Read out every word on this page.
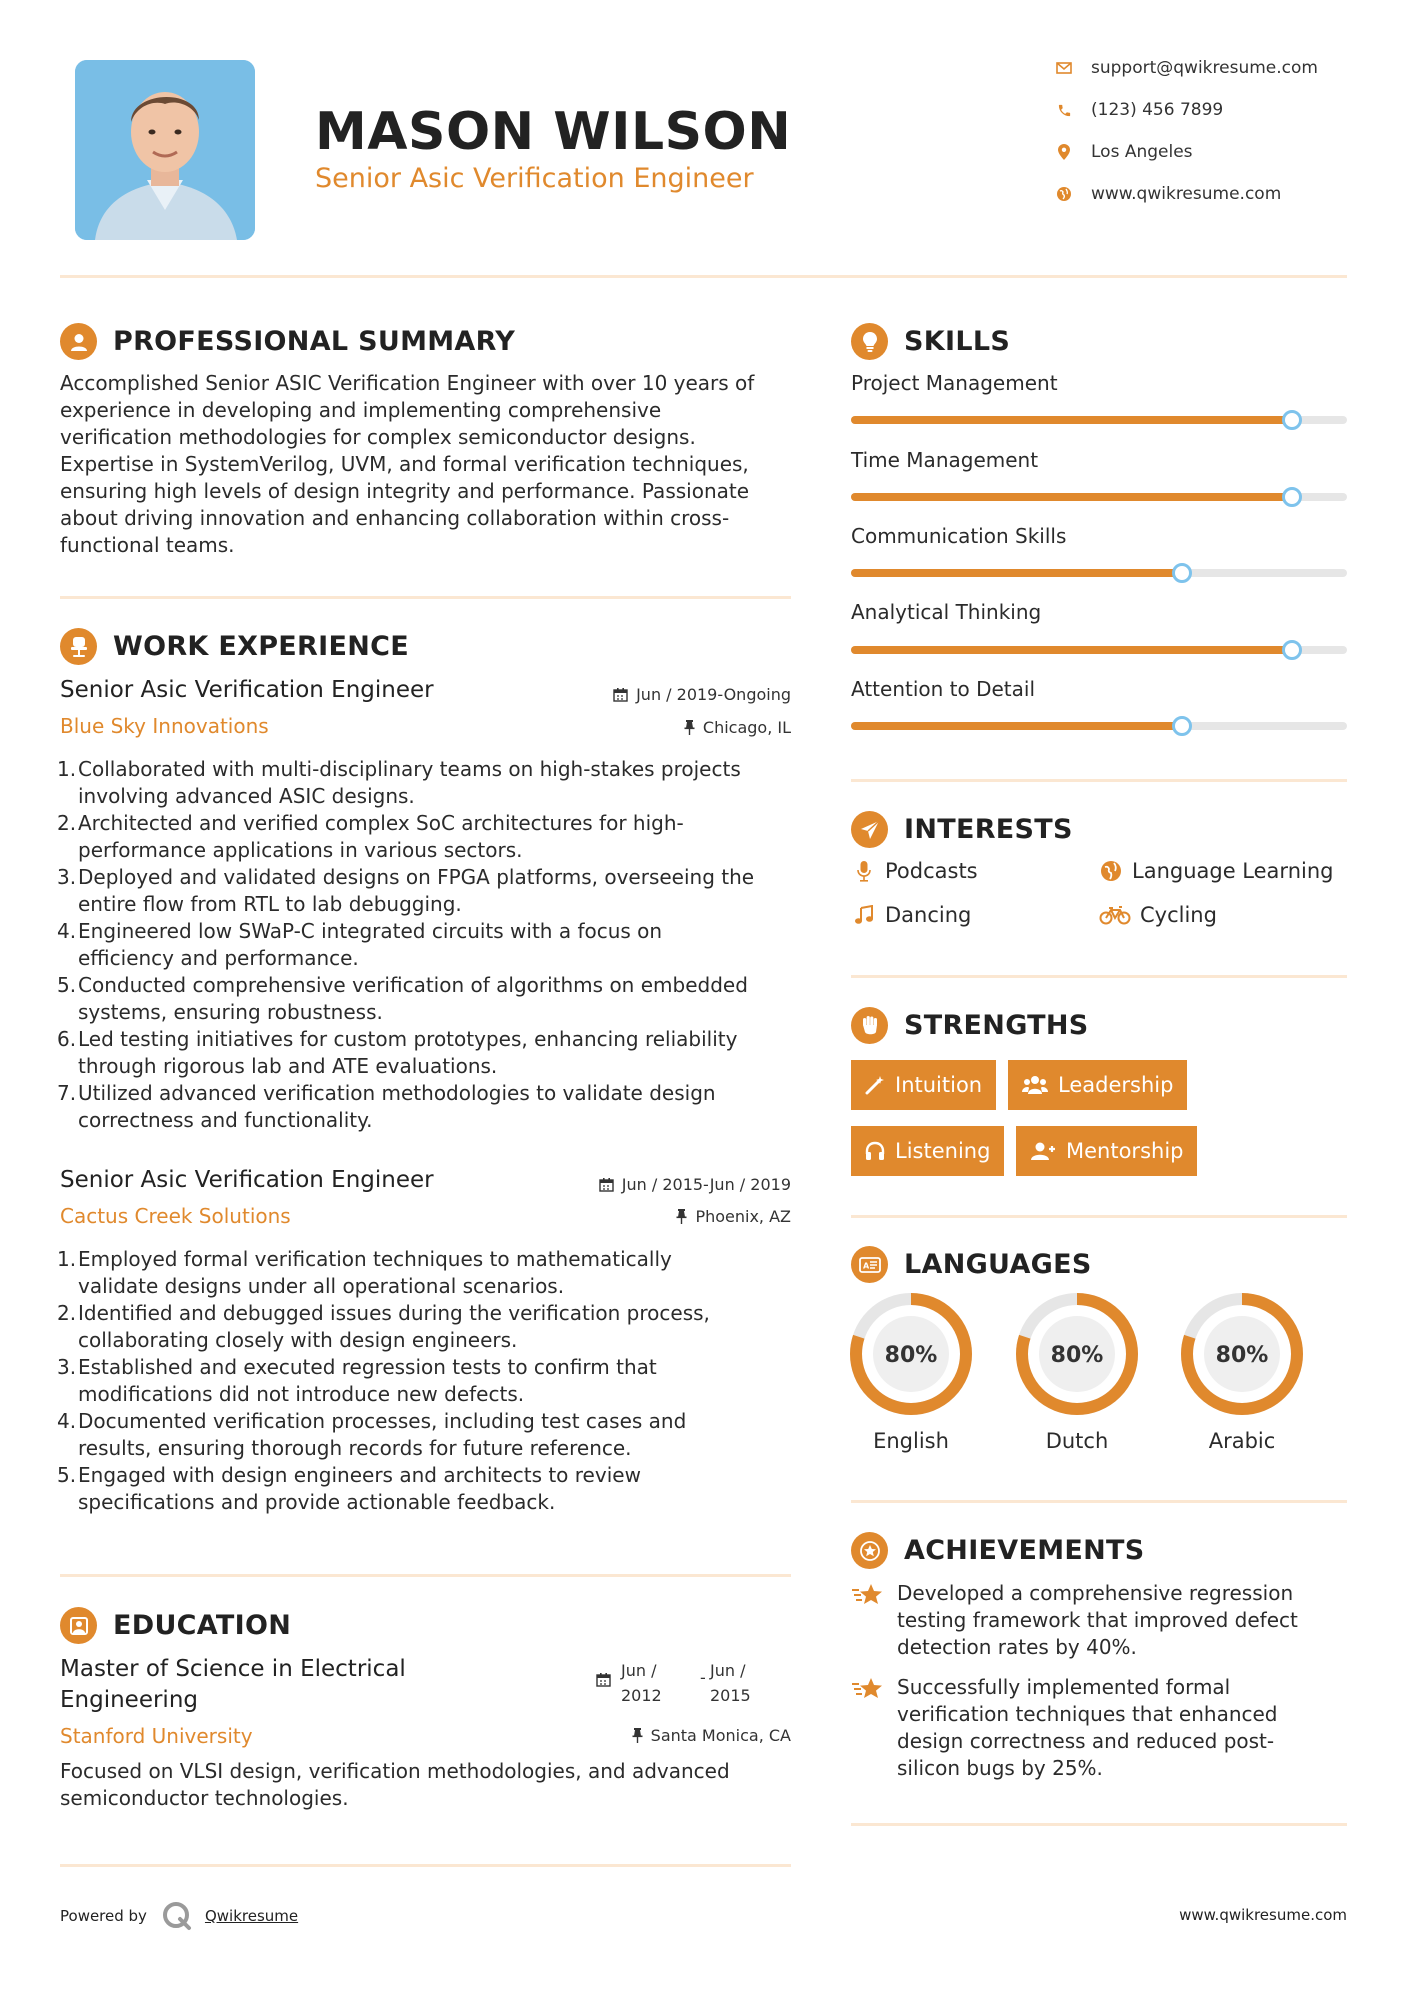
MASON WILSON
Senior Asic Verification Engineer
support@qwikresume.com
(123) 456 7899
Los Angeles
www.qwikresume.com
PROFESSIONAL SUMMARY
Accomplished Senior ASIC Verification Engineer with over 10 years of
experience in developing and implementing comprehensive
verification methodologies for complex semiconductor designs.
Expertise in SystemVerilog, UVM, and formal verification techniques,
ensuring high levels of design integrity and performance. Passionate
about driving innovation and enhancing collaboration within cross-
functional teams.
WORK EXPERIENCE
Senior Asic Verification Engineer	Jun / 2019-Ongoing
Blue Sky Innovations	Chicago, IL
1. Collaborated with multi-disciplinary teams on high-stakes projects
involving advanced ASIC designs.
2. Architected and verified complex SoC architectures for high-
performance applications in various sectors.
3. Deployed and validated designs on FPGA platforms, overseeing the
entire flow from RTL to lab debugging.
4. Engineered low SWaP-C integrated circuits with a focus on
efficiency and performance.
5. Conducted comprehensive verification of algorithms on embedded
systems, ensuring robustness.
6. Led testing initiatives for custom prototypes, enhancing reliability
through rigorous lab and ATE evaluations.
7. Utilized advanced verification methodologies to validate design
correctness and functionality.
Senior Asic Verification Engineer	Jun / 2015-Jun / 2019
Cactus Creek Solutions	Phoenix, AZ
1. Employed formal verification techniques to mathematically
validate designs under all operational scenarios.
2. Identified and debugged issues during the verification process,
collaborating closely with design engineers.
3. Established and executed regression tests to confirm that
modifications did not introduce new defects.
4. Documented verification processes, including test cases and
results, ensuring thorough records for future reference.
5. Engaged with design engineers and architects to review
specifications and provide actionable feedback.
EDUCATION
Master of Science in Electrical
Engineering
Jun /
2012
- Jun /
2015
Stanford University	Santa Monica, CA
Focused on VLSI design, verification methodologies, and advanced
semiconductor technologies.
SKILLS
Project Management
Time Management
Communication Skills
Analytical Thinking
Attention to Detail
INTERESTS
Podcasts	Language Learning
Dancing	Cycling
STRENGTHS
Intuition	Leadership
Listening	Mentorship
A LANGUAGES
80%
English
80%
Dutch
80%
Arabic
ACHIEVEMENTS
Developed a comprehensive regression
testing framework that improved defect
detection rates by 40%.
Successfully implemented formal
verification techniques that enhanced
design correctness and reduced post-
silicon bugs by 25%.
Powered by	Qwikresume	www.qwikresume.com
